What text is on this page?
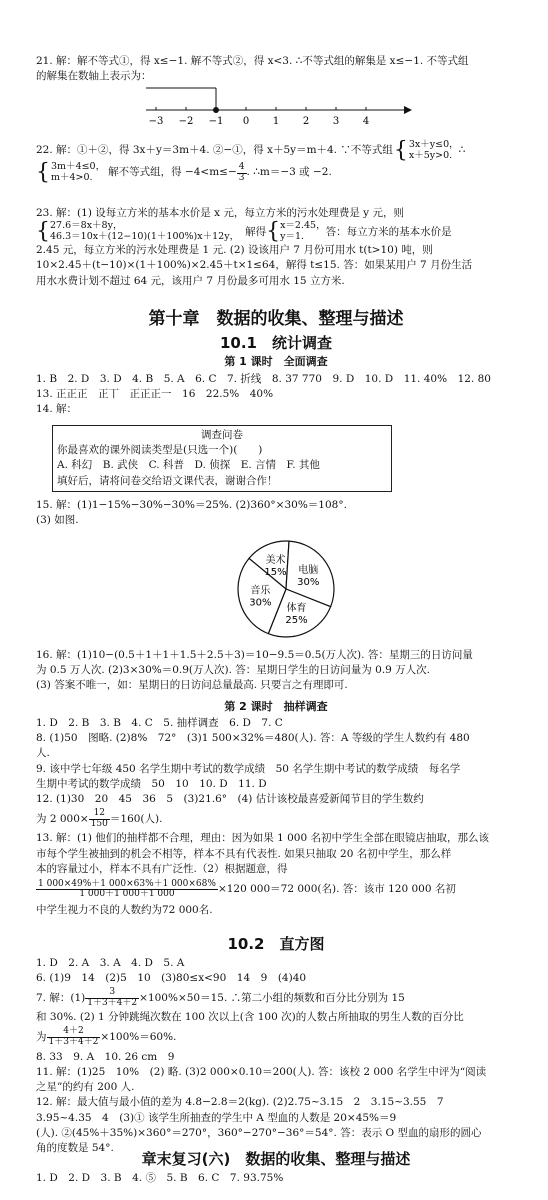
21. 解：解不等式①，得 x≤−1. 解不等式②，得 x<3. ∴不等式组的解集是 x≤−1. 不等式组

的解集在数轴上表示为：

−3 −2 −1 0 1 2 3 4
22. 解：①＋②，得 3x＋y＝3m＋4. ②−①，得 x＋5y＝m＋4. ∵不等式组 { 3x＋y≤0，
x＋5y>0. ∴
{ 3m＋4≤0，
m＋4>0.	解不等式组，得 $-4<m\le- \frac{4}{3}$ . ∴m＝−3 或 −2.

23. 解：(1) 设每立方米的基本水价是 x 元，每立方米的污水处理费是 y 元，则

{ 27.6＝8x＋8y，
46.3＝10x＋(12−10)(1＋100%)x＋12y， 解得 { x＝2.45，
y＝1.	答：每立方米的基本水价是

2.45 元，每立方米的污水处理费是 1 元. (2) 设该用户 7 月份可用水 t(t>10) 吨，则

10×2.45＋(t−10)×(1＋100%)×2.45＋t×1≤64，解得 t≤15. 答：如果某用户 7 月份生活

用水水费计划不超过 64 元，该用户 7 月份最多可用水 15 立方米.

第十章　数据的收集、整理与描述
10.1　统计调查
第 1 课时　全面调查

1. B　2. D　3. D　4. B　5. A　6. C　7. 折线　8. 37 770　9. D　10. D　11. 40%　12. 80

13. 正正正　正丅　正正正一　16　22.5%　40%

14. 解：

调查问卷

你最喜欢的课外阅读类型是(只选一个)(　　)

A. 科幻　B. 武侠　C. 科普　D. 侦探　E. 言情　F. 其他

填好后，请将问卷交给语文课代表，谢谢合作！

15. 解：(1)1−15%−30%−30%＝25%. (2)360°×30%＝108°.

(3) 如图.

美术
15% 电脑
30%
体育
25%
音乐
30%

16. 解：(1)10−(0.5＋1＋1＋1.5＋2.5＋3)＝10−9.5＝0.5(万人次). 答：星期三的日访问量

为 0.5 万人次. (2)3×30%＝0.9(万人次). 答：星期日学生的日访问量为 0.9 万人次.

(3) 答案不唯一，如：星期日的日访问总量最高. 只要言之有理即可.

第 2 课时　抽样调查

1. D　2. B　3. B　4. C　5. 抽样调查　6. D　7. C

8. (1)50　图略. (2)8%　72°　(3)1 500×32%＝480(人). 答：A 等级的学生人数约有 480

人.

9. 该中学七年级 450 名学生期中考试的数学成绩　50 名学生期中考试的数学成绩　每名学

生期中考试的数学成绩　50　10　10. D　11. D

12. (1)30　20　45　36　5　(3)21.6°　(4) 估计该校最喜爱新闻节目的学生数约

为 2 $000\times \frac{12}{150} =160$(人).

13. 解：(1) 他们的抽样都不合理，理由：因为如果 1 000 名初中学生全部在眼镜店抽取，那么该

市每个学生被抽到的机会不相等，样本不具有代表性. 如果只抽取 20 名初中学生，那么样

本的容量过小，样本不具有广泛性.（2）根据题意，得

$\frac{1 000\times 49\%+1 000\times 63\%+1 000\times 68\%}{1 000+1 000+1 000} \times 120$ 000＝72 000(名). 答：该市 120 000 名初

中学生视力不良的人数约为72 000名.

10.2　直方图

1. D　2. A　3. A　4. D　5. A

6. (1)9　14　(2)5　10　(3)80≤x<90　14　9　(4)40

7. 解：$(1) \frac{3}{1+3+4+2} \times 100\%\times 50=15$. ∴第二小组的频数和百分比分别为 15

和 30%. (2) 1 分钟跳绳次数在 100 次以上(含 100 次)的人数占所抽取的男生人数的百分比

为 $\frac{4+2}{1+3+4+2} \times 100\%=60\%$.

8. 33　9. A　10. 26 cm　9

11. 解：(1)25　10%　(2) 略. (3)2 000×0.10＝200(人). 答：该校 2 000 名学生中评为“阅读

之星”的约有 200 人.

12. 解：最大值与最小值的差为 4.8−2.8＝2(kg). (2)2.75~3.15　2　3.15~3.55　7

3.95~4.35　4　(3)① 该学生所抽查的学生中 A 型血的人数是 20×45%＝9

(人). ②(45%＋35%)×360°＝270°，360°−270°−36°＝54°. 答：表示 O 型血的扇形的圆心

角的度数是 54°.

章末复习(六)　数据的收集、整理与描述

1. D　2. D　3. B　4. ⑤　5. B　6. C　7. 93.75%
